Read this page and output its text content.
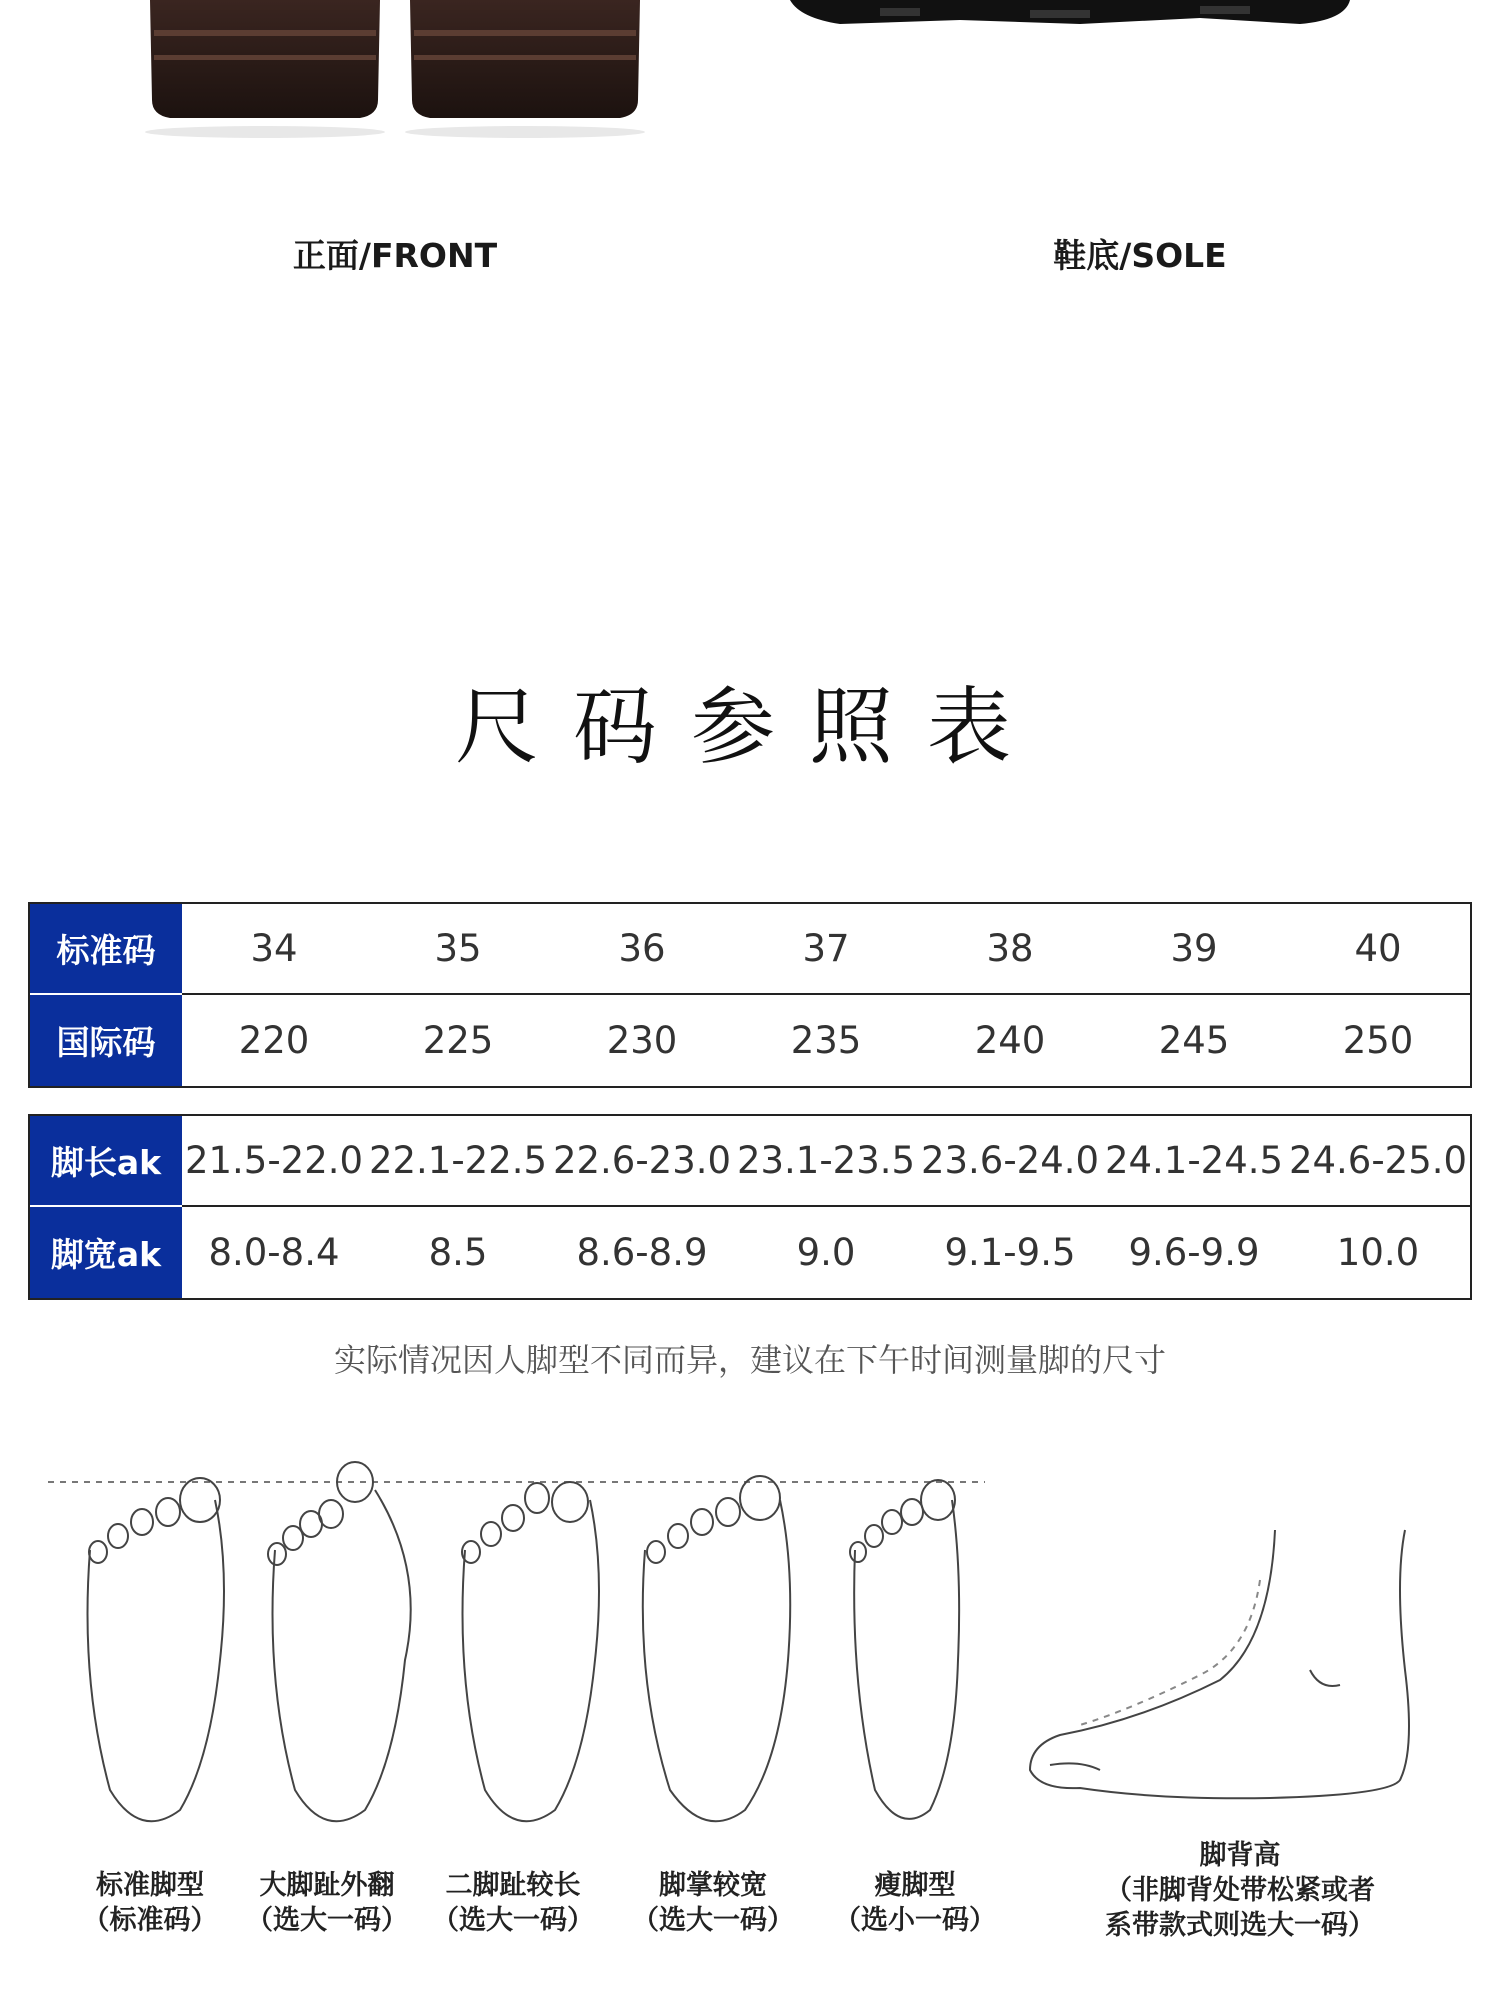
正面/FRONT	鞋底/SOLE
尺码参照表
标准码	34	35	36	37	38	39	40
国际码	220	225	230	235	240	245	250
脚长ak 21.5-22.0 22.1-22.5 22.6-23.0 23.1-23.5 23.6-24.0 24.1-24.5 24.6-25.0
脚宽ak	8.0-8.4	8.5	8.6-8.9	9.0	9.1-9.5	9.6-9.9	10.0
实际情况因人脚型不同而异，建议在下午时间测量脚的尺寸
标准脚型
（标准码）
大脚趾外翻
（选大一码）
二脚趾较长
（选大一码）
脚掌较宽
（选大一码）
瘦脚型
（选小一码）
脚背高
（非脚背处带松紧或者
系带款式则选大一码）
